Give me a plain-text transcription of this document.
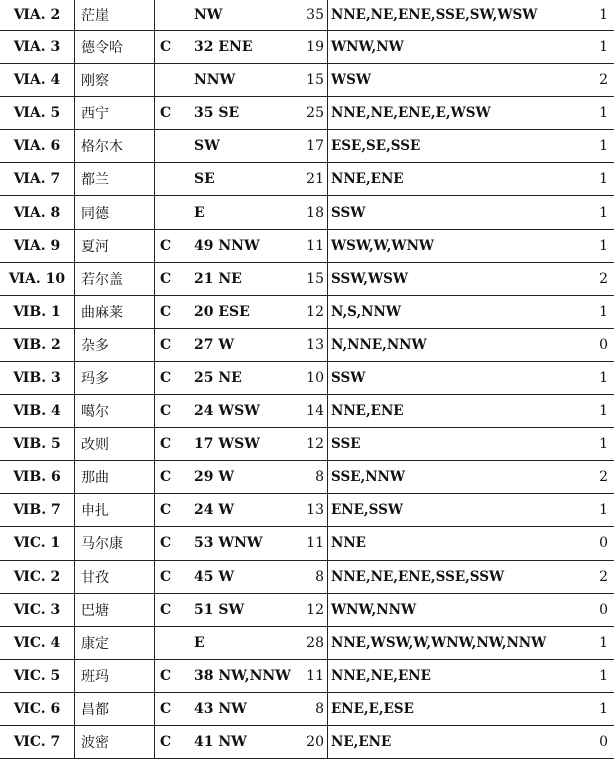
ⅥA. 2	茫崖	NW	35	NNE,NE,ENE,SSE,SW,WSW	1
ⅥA. 3	德令哈	C 32 ENE	19	WNW,NW	1
ⅥA. 4	刚察	NNW	15	WSW	2
ⅥA. 5	西宁	C 35 SE	25	NNE,NE,ENE,E,WSW	1
ⅥA. 6	格尔木	SW	17	ESE,SE,SSE	1
ⅥA. 7	都兰	SE	21	NNE,ENE	1
ⅥA. 8	同德	E	18	SSW	1
ⅥA. 9	夏河	C 49 NNW	11	WSW,W,WNW	1
ⅥA. 10	若尔盖	C 21 NE	15	SSW,WSW	2
ⅥB. 1	曲麻莱	C 20 ESE	12	N,S,NNW	1
ⅥB. 2	杂多	C 27 W	13	N,NNE,NNW	0
ⅥB. 3	玛多	C 25 NE	10	SSW	1
ⅥB. 4	噶尔	C 24 WSW	14	NNE,ENE	1
ⅥB. 5	改则	C 17 WSW	12	SSE	1
ⅥB. 6	那曲	C 29 W	8	SSE,NNW	2
ⅥB. 7	申扎	C 24 W	13	ENE,SSW	1
ⅥC. 1	马尔康	C 53 WNW	11	NNE	0
ⅥC. 2	甘孜	C 45 W	8	NNE,NE,ENE,SSE,SSW	2
ⅥC. 3	巴塘	C 51 SW	12	WNW,NNW	0
ⅥC. 4	康定	E	28	NNE,WSW,W,WNW,NW,NNW	1
ⅥC. 5	班玛	C 38 NW,NNW	11	NNE,NE,ENE	1
ⅥC. 6	昌都	C 43 NW	8	ENE,E,ESE	1
ⅥC. 7	波密	C 41 NW	20	NE,ENE	0
